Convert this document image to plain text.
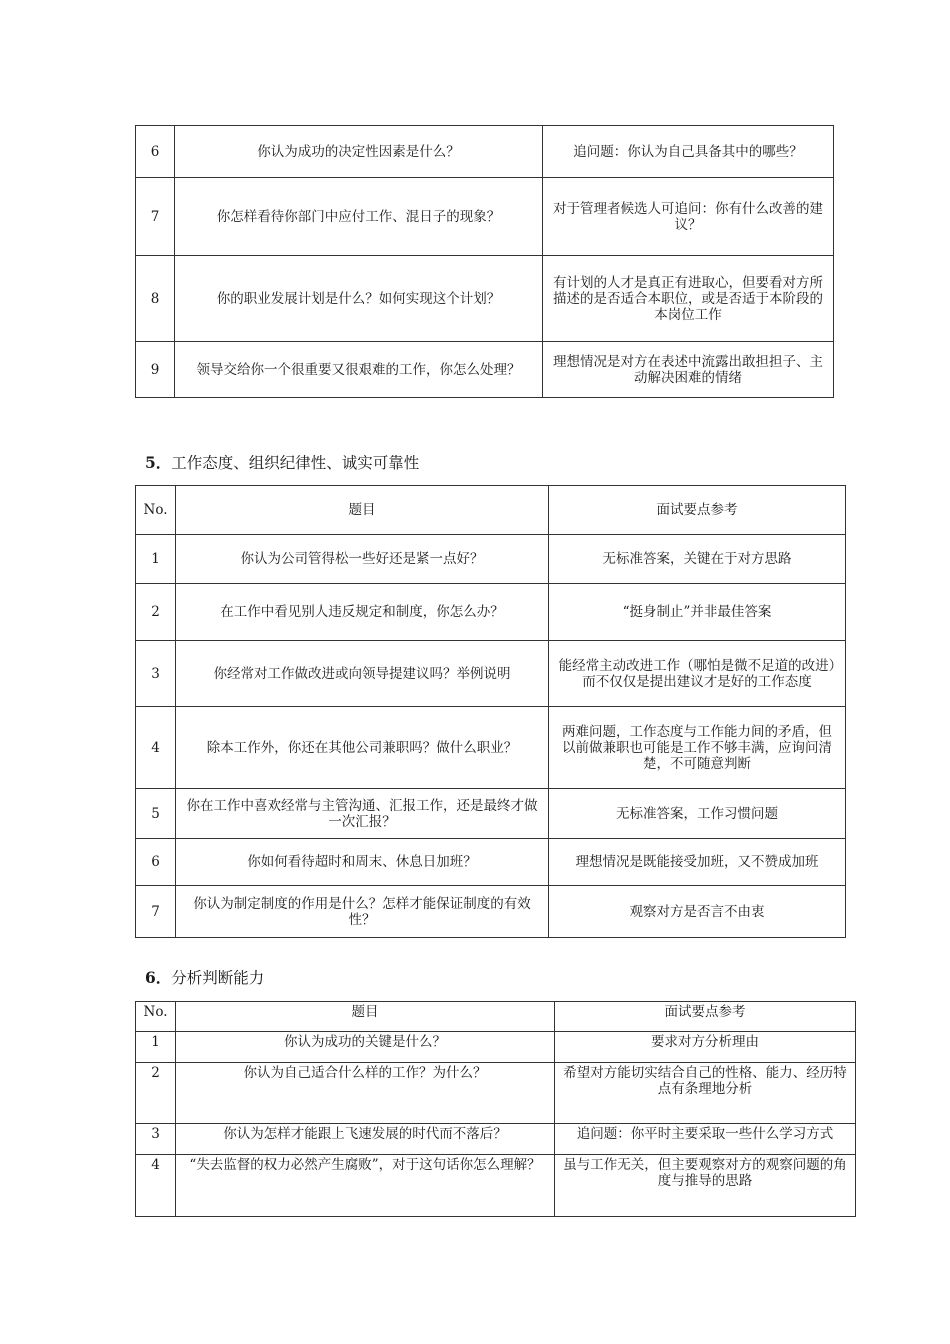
6	你认为成功的决定性因素是什么？	追问题：你认为自己具备其中的哪些？
7	你怎样看待你部门中应付工作、混日子的现象？	对于管理者候选人可追问：你有什么改善的建议？
8	你的职业发展计划是什么？如何实现这个计划？	有计划的人才是真正有进取心，但要看对方所描述的是否适合本职位，或是否适于本阶段的本岗位工作
9	领导交给你一个很重要又很艰难的工作，你怎么处理？	理想情况是对方在表述中流露出敢担担子、主动解决困难的情绪
5．工作态度、组织纪律性、诚实可靠性
No.	题目	面试要点参考
1	你认为公司管得松一些好还是紧一点好？	无标准答案，关键在于对方思路
2	在工作中看见别人违反规定和制度，你怎么办？	“挺身制止”并非最佳答案
3	你经常对工作做改进或向领导提建议吗？举例说明	能经常主动改进工作（哪怕是微不足道的改进）而不仅仅是提出建议才是好的工作态度
4	除本工作外，你还在其他公司兼职吗？做什么职业？	两难问题，工作态度与工作能力间的矛盾，但以前做兼职也可能是工作不够丰满，应询问清楚，不可随意判断
5	你在工作中喜欢经常与主管沟通、汇报工作，还是最终才做一次汇报？	无标准答案，工作习惯问题
6	你如何看待超时和周末、休息日加班？	理想情况是既能接受加班，又不赞成加班
7	你认为制定制度的作用是什么？怎样才能保证制度的有效性？	观察对方是否言不由衷
6．分析判断能力
No.	题目	面试要点参考
1	你认为成功的关键是什么？	要求对方分析理由
2	你认为自己适合什么样的工作？为什么？	希望对方能切实结合自己的性格、能力、经历特点有条理地分析
3	你认为怎样才能跟上飞速发展的时代而不落后？	追问题：你平时主要采取一些什么学习方式
4	“失去监督的权力必然产生腐败”，对于这句话你怎么理解？	虽与工作无关，但主要观察对方的观察问题的角度与推导的思路
